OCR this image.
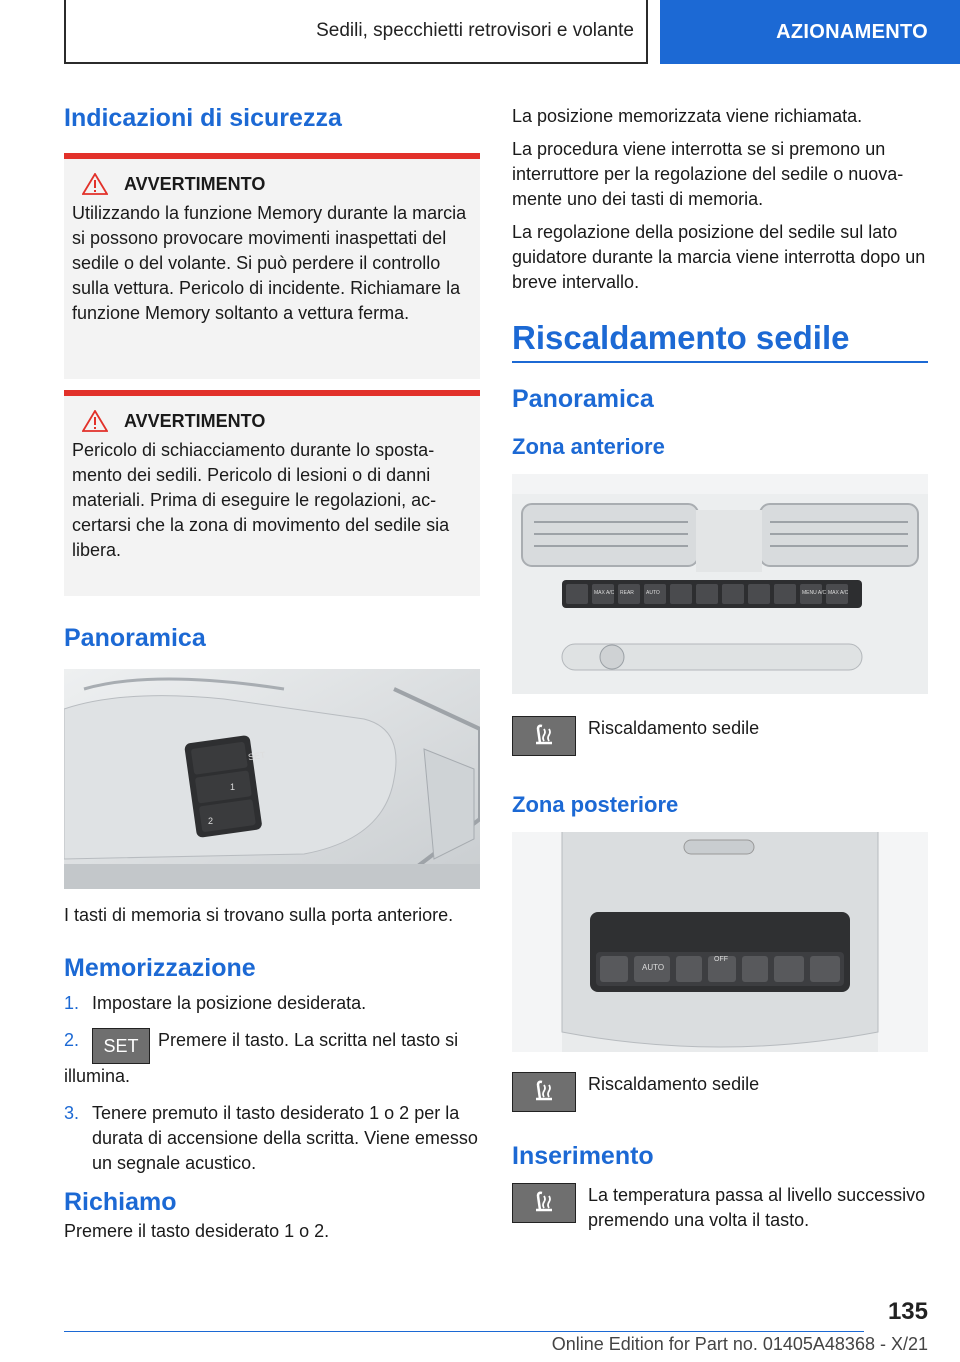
Sedili, specchietti retrovisori e volante	AZIONAMENTO
Indicazioni di sicurezza
AVVERTIMENTO
Utilizzando la funzione Memory durante la marcia si possono provocare movimenti inaspettati del sedile o del volante. Si può perdere il controllo sulla vettura. Pericolo di incidente. Richiamare la funzione Memory soltanto a vettura ferma.
AVVERTIMENTO
Pericolo di schiacciamento durante lo spostamento dei sedili. Pericolo di lesioni o di danni materiali. Prima di eseguire le regolazioni, accertarsi che la zona di movimento del sedile sia libera.
Panoramica
SET
1
2
I tasti di memoria si trovano sulla porta anteriore.
Memorizzazione
1. Impostare la posizione desiderata.
2. SET Premere il tasto. La scritta nel tasto si illumina.
3. Tenere premuto il tasto desiderato 1 o 2 per la durata di accensione della scritta. Viene emesso un segnale acustico.
Richiamo
Premere il tasto desiderato 1 o 2.
La posizione memorizzata viene richiamata.
La procedura viene interrotta se si premono un interruttore per la regolazione del sedile o nuovamente uno dei tasti di memoria.
La regolazione della posizione del sedile sul lato guidatore durante la marcia viene interrotta dopo un breve intervallo.
Riscaldamento sedile
Panoramica
Zona anteriore
MAX A/C REAR AUTO	MENU A/C MAX A/C
Riscaldamento sedile
Zona posteriore
AUTO
OFF
Riscaldamento sedile
Inserimento
La temperatura passa al livello successivo premendo una volta il tasto.
135
Online Edition for Part no. 01405A48368 - X/21
